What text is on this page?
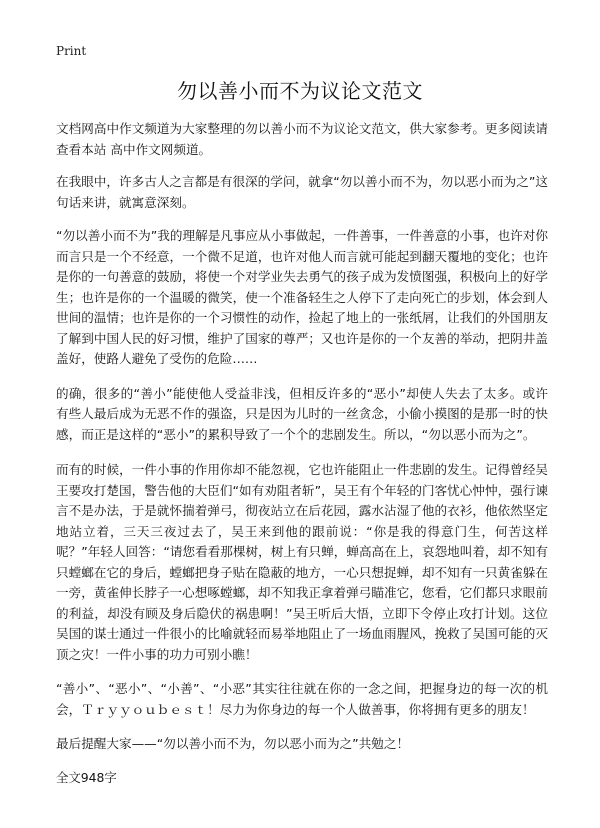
Print
勿以善小而不为议论文范文

文档网高中作文频道为大家整理的勿以善小而不为议论文范文，供大家参考。更多阅读请查看本站 高中作文网频道。

在我眼中，许多古人之言都是有很深的学问，就拿“勿以善小而不为，勿以恶小而为之”这句话来讲，就寓意深刻。

“勿以善小而不为”我的理解是凡事应从小事做起，一件善事，一件善意的小事，也许对你而言只是一个不经意，一个微不足道，也许对他人而言就可能起到翻天覆地的变化；也许是你的一句善意的鼓励，将使一个对学业失去勇气的孩子成为发愤图强，积极向上的好学生；也许是你的一个温暖的微笑，使一个准备轻生之人停下了走向死亡的步划，体会到人世间的温情；也许是你的一个习惯性的动作，捡起了地上的一张纸屑，让我们的外国朋友了解到中国人民的好习惯，维护了国家的尊严；又也许是你的一个友善的举动，把阴井盖盖好，使路人避免了受伤的危险……

的确，很多的“善小”能使他人受益非浅，但相反许多的“恶小”却使人失去了太多。或许有些人最后成为无恶不作的强盗，只是因为儿时的一丝贪念，小偷小摸图的是那一时的快感，而正是这样的“恶小”的累积导致了一个个的悲剧发生。所以，“勿以恶小而为之”。

而有的时候，一件小事的作用你却不能忽视，它也许能阻止一件悲剧的发生。记得曾经吴王要攻打楚国，警告他的大臣们“如有劝阻者斩”，吴王有个年轻的门客忧心忡忡，强行谏言不是办法，于是就怀揣着弹弓，彻夜站立在后花园，露水沾湿了他的衣衫，他依然坚定地站立着，三天三夜过去了，吴王来到他的跟前说：“你是我的得意门生，何苦这样呢？”年轻人回答：“请您看看那棵树，树上有只蝉，蝉高高在上，哀怨地叫着，却不知有只螳螂在它的身后，螳螂把身子贴在隐蔽的地方，一心只想捉蝉，却不知有一只黄雀躲在一旁，黄雀伸长脖子一心想啄螳螂，却不知我正拿着弹弓瞄准它，您看，它们都只求眼前的利益，却没有顾及身后隐伏的祸患啊！”吴王听后大悟，立即下令停止攻打计划。这位吴国的谋士通过一件很小的比喻就轻而易举地阻止了一场血雨腥风，挽救了吴国可能的灭顶之灾！一件小事的功力可别小瞧！

“善小”、“恶小”、“小善”、“小恶”其实往往就在你的一念之间，把握身边的每一次的机会，Ｔｒｙｙｏｕｂｅｓｔ！尽力为你身边的每一个人做善事，你将拥有更多的朋友！

最后提醒大家——“勿以善小而不为，勿以恶小而为之”共勉之！

全文948字
